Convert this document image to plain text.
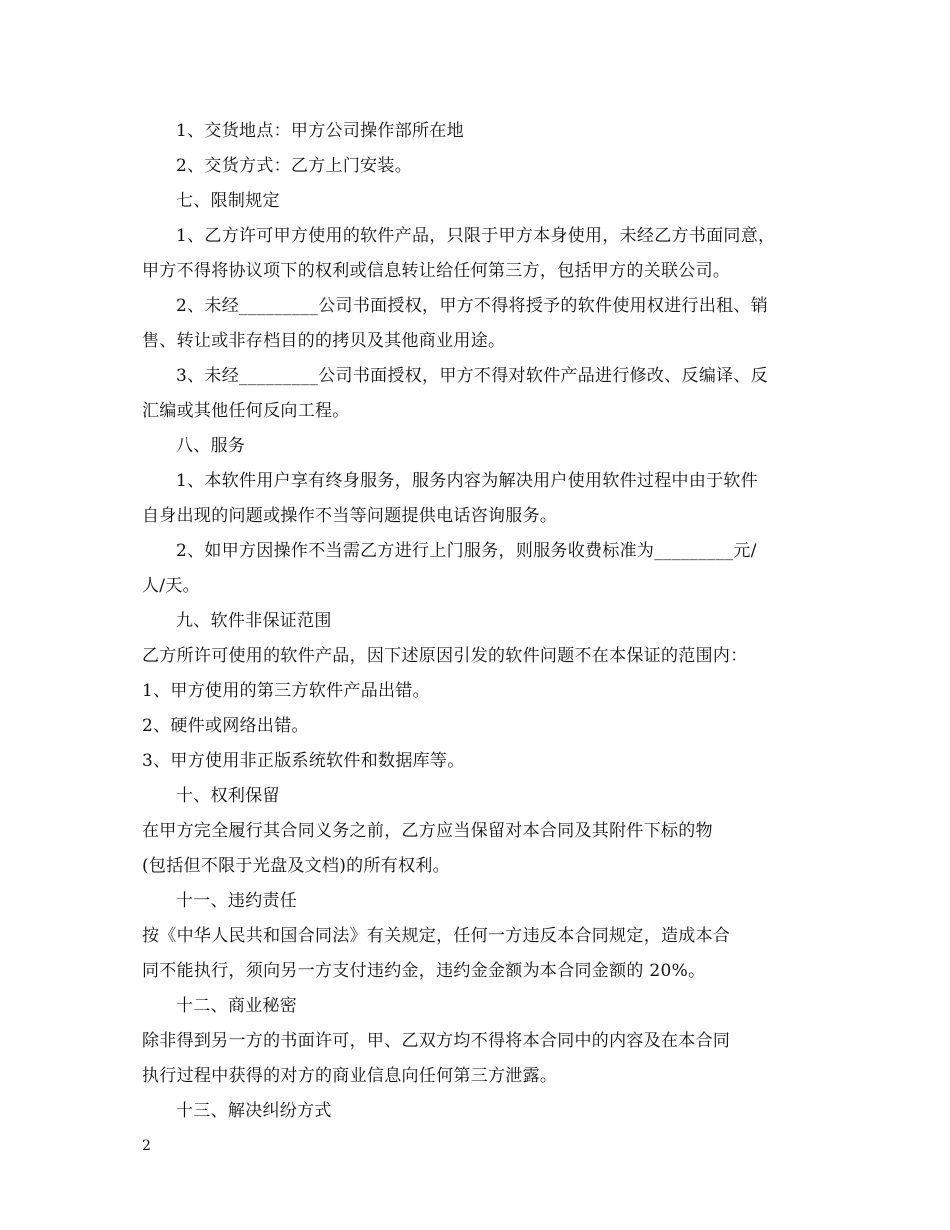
1、交货地点：甲方公司操作部所在地
2、交货方式：乙方上门安装。
七、限制规定
1、乙方许可甲方使用的软件产品，只限于甲方本身使用，未经乙方书面同意，
甲方不得将协议项下的权利或信息转让给任何第三方，包括甲方的关联公司。
2、未经_________公司书面授权，甲方不得将授予的软件使用权进行出租、销
售、转让或非存档目的的拷贝及其他商业用途。
3、未经_________公司书面授权，甲方不得对软件产品进行修改、反编译、反
汇编或其他任何反向工程。
八、服务
1、本软件用户享有终身服务，服务内容为解决用户使用软件过程中由于软件
自身出现的问题或操作不当等问题提供电话咨询服务。
2、如甲方因操作不当需乙方进行上门服务，则服务收费标准为_________元/
人/天。
九、软件非保证范围
乙方所许可使用的软件产品，因下述原因引发的软件问题不在本保证的范围内：
1、甲方使用的第三方软件产品出错。
2、硬件或网络出错。
3、甲方使用非正版系统软件和数据库等。
十、权利保留
在甲方完全履行其合同义务之前，乙方应当保留对本合同及其附件下标的物
(包括但不限于光盘及文档)的所有权利。
十一、违约责任
按《中华人民共和国合同法》有关规定，任何一方违反本合同规定，造成本合
同不能执行，须向另一方支付违约金，违约金金额为本合同金额的 20%。
十二、商业秘密
除非得到另一方的书面许可，甲、乙双方均不得将本合同中的内容及在本合同
执行过程中获得的对方的商业信息向任何第三方泄露。
十三、解决纠纷方式
2
